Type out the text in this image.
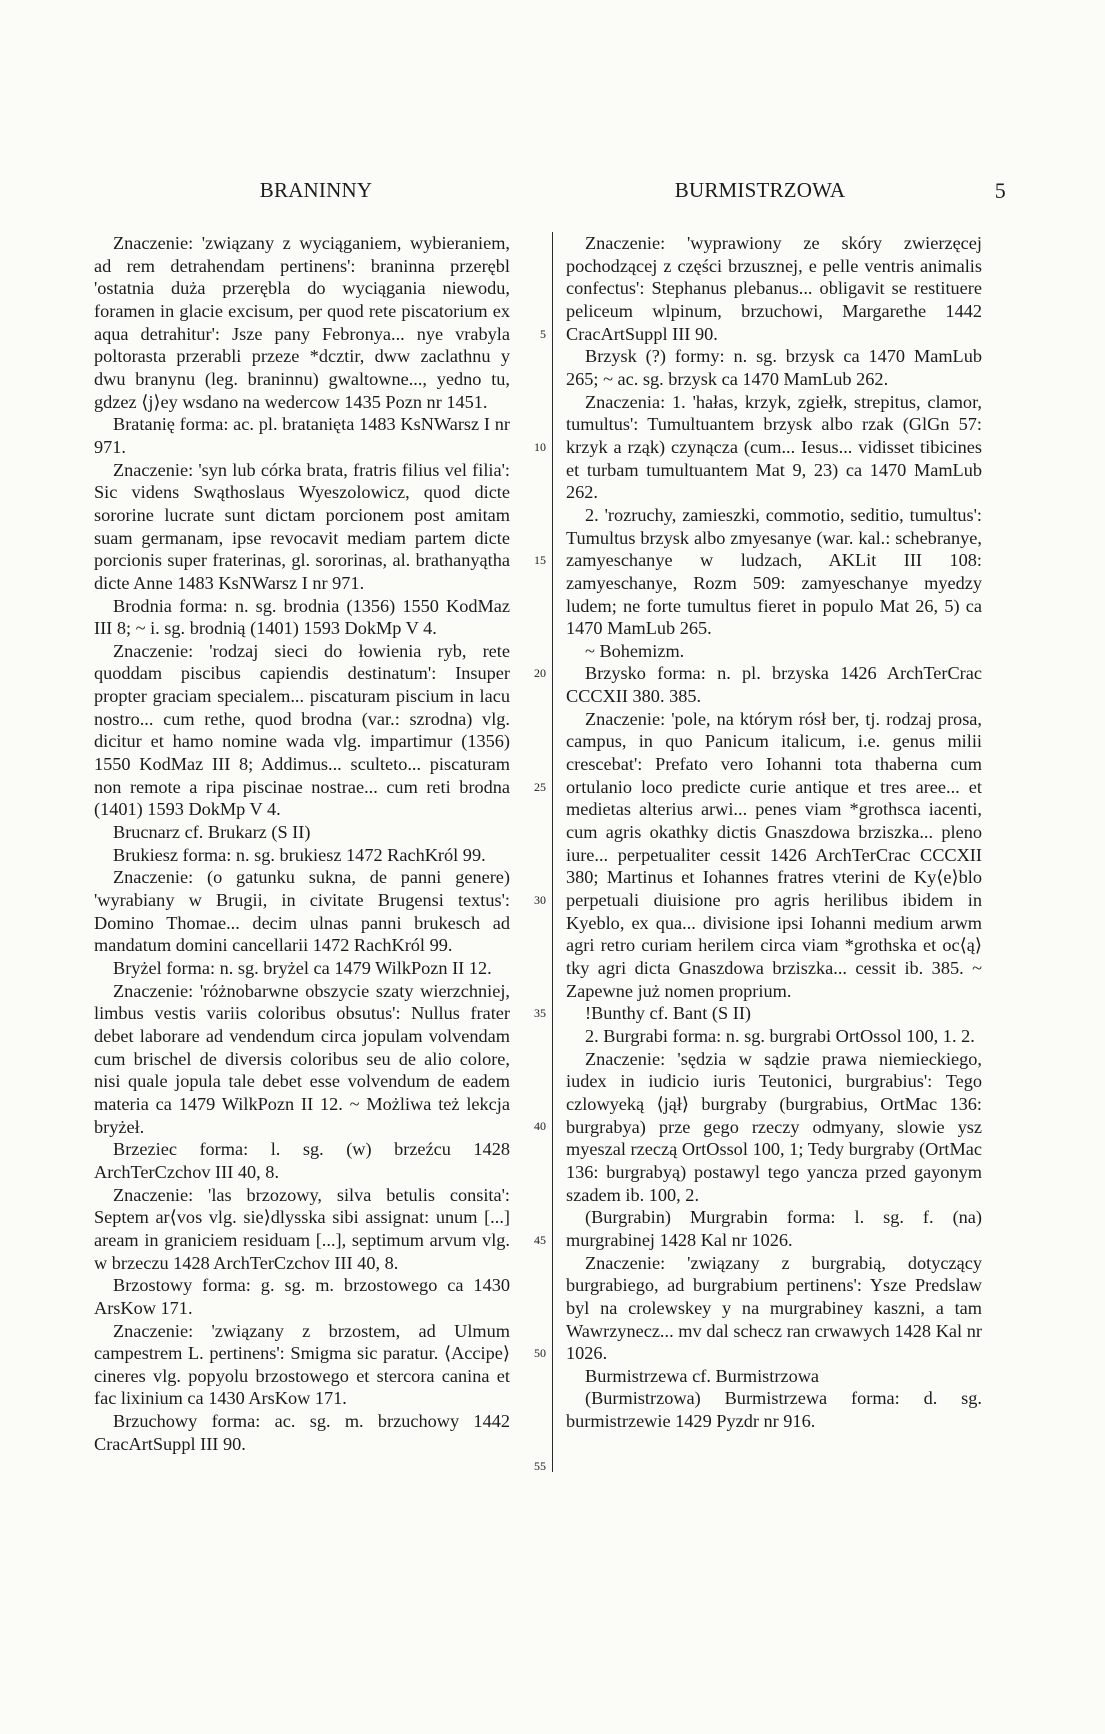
BRANINNY	BURMISTRZOWA	5

Znaczenie: 'związany z wyciąganiem, wybieraniem, ad rem detrahendam pertinens': braninna przerębl 'ostatnia duża przerębla do wyciągania niewodu, foramen in glacie excisum, per quod rete piscatorium ex aqua detrahitur': Jsze pany Febronya... nye vrabyla poltorasta przerabli przeze *dcztir, dww zaclathnu y dwu branynu (leg. braninnu) gwaltowne..., yedno tu, gdzez ⟨j⟩ey wsdano na wedercow 1435 Pozn nr 1451.

Bratanię forma: ac. pl. bratanięta 1483 KsNWarsz I nr 971.

Znaczenie: 'syn lub córka brata, fratris filius vel filia': Sic videns Swąthoslaus Wyeszolowicz, quod dicte sororine lucrate sunt dictam porcionem post amitam suam germanam, ipse revocavit mediam partem dicte porcionis super fraterinas, gl. sororinas, al. brathanyątha dicte Anne 1483 KsNWarsz I nr 971.

Brodnia forma: n. sg. brodnia (1356) 1550 KodMaz III 8; ~ i. sg. brodnią (1401) 1593 DokMp V 4.

Znaczenie: 'rodzaj sieci do łowienia ryb, rete quoddam piscibus capiendis destinatum': Insuper propter graciam specialem... piscaturam piscium in lacu nostro... cum rethe, quod brodna (var.: szrodna) vlg. dicitur et hamo nomine wada vlg. impartimur (1356) 1550 KodMaz III 8; Addimus... sculteto... piscaturam non remote a ripa piscinae nostrae... cum reti brodna (1401) 1593 DokMp V 4.

Brucnarz cf. Brukarz (S II)

Brukiesz forma: n. sg. brukiesz 1472 RachKról 99.

Znaczenie: (o gatunku sukna, de panni genere) 'wyrabiany w Brugii, in civitate Brugensi textus': Domino Thomae... decim ulnas panni brukesch ad mandatum domini cancellarii 1472 RachKról 99.

Bryżel forma: n. sg. bryżel ca 1479 WilkPozn II 12.

Znaczenie: 'różnobarwne obszycie szaty wierzchniej, limbus vestis variis coloribus obsutus': Nullus frater debet laborare ad vendendum circa jopulam volvendam cum brischel de diversis coloribus seu de alio colore, nisi quale jopula tale debet esse volvendum de eadem materia ca 1479 WilkPozn II 12. ~ Możliwa też lekcja bryżeł.

Brzeziec forma: l. sg. (w) brzeźcu 1428 ArchTerCzchov III 40, 8.

Znaczenie: 'las brzozowy, silva betulis consita': Septem ar⟨vos vlg. sie⟩dlysska sibi assignat: unum [...] aream in graniciem residuam [...], septimum arvum vlg. w brzeczu 1428 ArchTerCzchov III 40, 8.

Brzostowy forma: g. sg. m. brzostowego ca 1430 ArsKow 171.

Znaczenie: 'związany z brzostem, ad Ulmum campestrem L. pertinens': Smigma sic paratur. ⟨Accipe⟩ cineres vlg. popyolu brzostowego et stercora canina et fac lixinium ca 1430 ArsKow 171.

Brzuchowy forma: ac. sg. m. brzuchowy 1442 CracArtSuppl III 90.

5
10
15
20
25
30
35
40
45
50
55

Znaczenie: 'wyprawiony ze skóry zwierzęcej pochodzącej z części brzusznej, e pelle ventris animalis confectus': Stephanus plebanus... obligavit se restituere peliceum wlpinum, brzuchowi, Margarethe 1442 CracArtSuppl III 90.

Brzysk (?) formy: n. sg. brzysk ca 1470 MamLub 265; ~ ac. sg. brzysk ca 1470 MamLub 262.

Znaczenia: 1. 'hałas, krzyk, zgiełk, strepitus, clamor, tumultus': Tumultuantem brzysk albo rzak (GlGn 57: krzyk a rząk) czynącza (cum... Iesus... vidisset tibicines et turbam tumultuantem Mat 9, 23) ca 1470 MamLub 262.

2. 'rozruchy, zamieszki, commotio, seditio, tumultus': Tumultus brzysk albo zmyesanye (war. kal.: schebranye, zamyeschanye w ludzach, AKLit III 108: zamyeschanye, Rozm 509: zamyeschanye myedzy ludem; ne forte tumultus fieret in populo Mat 26, 5) ca 1470 MamLub 265.

~ Bohemizm.

Brzysko forma: n. pl. brzyska 1426 ArchTerCrac CCCXII 380. 385.

Znaczenie: 'pole, na którym rósł ber, tj. rodzaj prosa, campus, in quo Panicum italicum, i.e. genus milii crescebat': Prefato vero Iohanni tota thaberna cum ortulanio loco predicte curie antique et tres aree... et medietas alterius arwi... penes viam *grothsca iacenti, cum agris okathky dictis Gnaszdowa brziszka... pleno iure... perpetualiter cessit 1426 ArchTerCrac CCCXII 380; Martinus et Iohannes fratres vterini de Ky⟨e⟩blo perpetuali diuisione pro agris herilibus ibidem in Kyeblo, ex qua... divisione ipsi Iohanni medium arwm agri retro curiam herilem circa viam *grothska et oc⟨ą⟩tky agri dicta Gnaszdowa brziszka... cessit ib. 385. ~ Zapewne już nomen proprium.

!Bunthy cf. Bant (S II)

2. Burgrabi forma: n. sg. burgrabi OrtOssol 100, 1. 2.

Znaczenie: 'sędzia w sądzie prawa niemieckiego, iudex in iudicio iuris Teutonici, burgrabius': Tego czlowyeką ⟨jął⟩ burgraby (burgrabius, OrtMac 136: burgrabya) prze gego rzeczy odmyany, slowie ysz myeszal rzeczą OrtOssol 100, 1; Tedy burgraby (OrtMac 136: burgrabyą) postawyl tego yancza przed gayonym szadem ib. 100, 2.

(Burgrabin) Murgrabin forma: l. sg. f. (na) murgrabinej 1428 Kal nr 1026.

Znaczenie: 'związany z burgrabią, dotyczący burgrabiego, ad burgrabium pertinens': Ysze Predslaw byl na crolewskey y na murgrabiney kaszni, a tam Wawrzynecz... mv dal schecz ran crwawych 1428 Kal nr 1026.

Burmistrzewa cf. Burmistrzowa

(Burmistrzowa) Burmistrzewa forma: d. sg. burmistrzewie 1429 Pyzdr nr 916.
